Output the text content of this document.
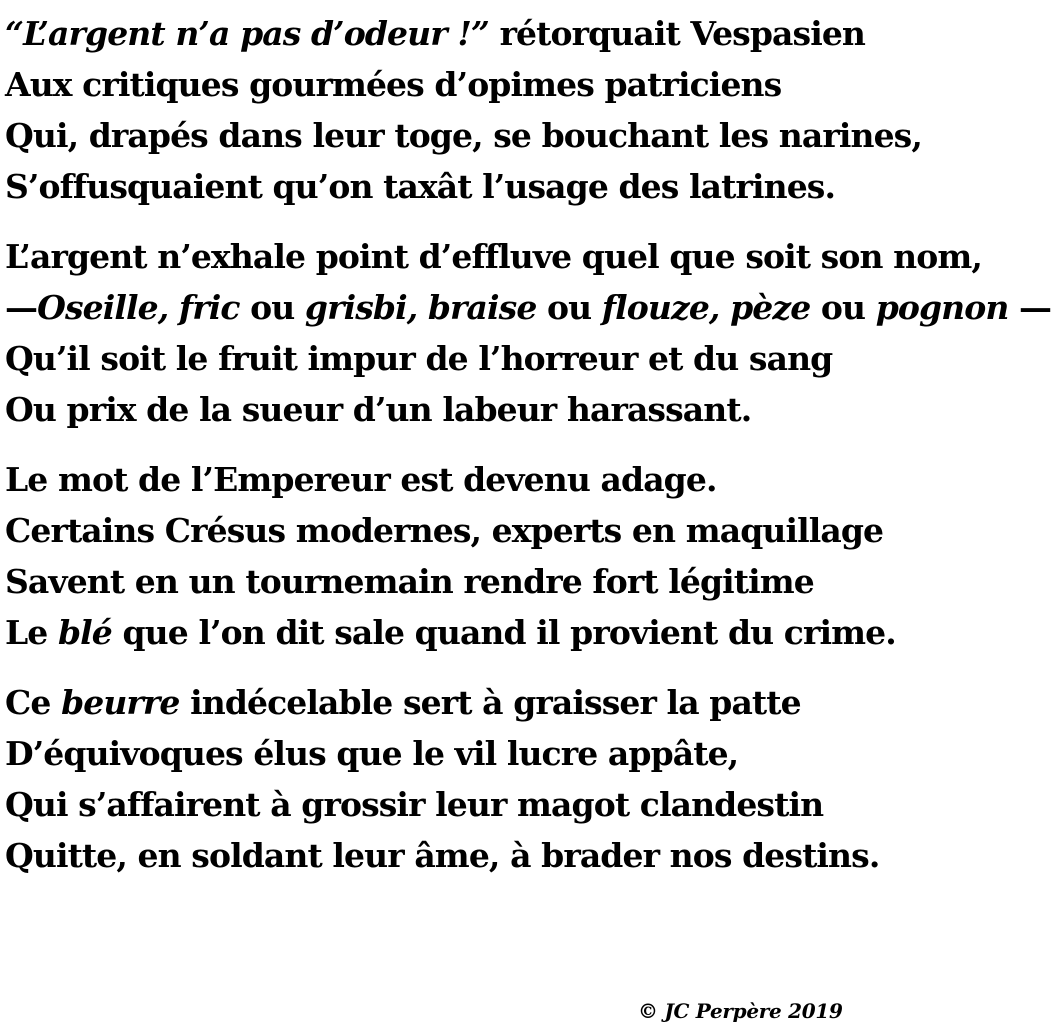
“L’argent n’a pas d’odeur !” rétorquait Vespasien
Aux critiques gourmées d’opimes patriciens
Qui, drapés dans leur toge, se bouchant les narines,
S’offusquaient qu’on taxât l’usage des latrines.
L’argent n’exhale point d’effluve quel que soit son nom,
—Oseille, fric ou grisbi, braise ou flouze, pèze ou pognon —
Qu’il soit le fruit impur de l’horreur et du sang
Ou prix de la sueur d’un labeur harassant.
Le mot de l’Empereur est devenu adage.
Certains Crésus modernes, experts en maquillage
Savent en un tournemain rendre fort légitime
Le blé que l’on dit sale quand il provient du crime.
Ce beurre indécelable sert à graisser la patte
D’équivoques élus que le vil lucre appâte,
Qui s’affairent à grossir leur magot clandestin
Quitte, en soldant leur âme, à brader nos destins.
© JC Perpère 2019
